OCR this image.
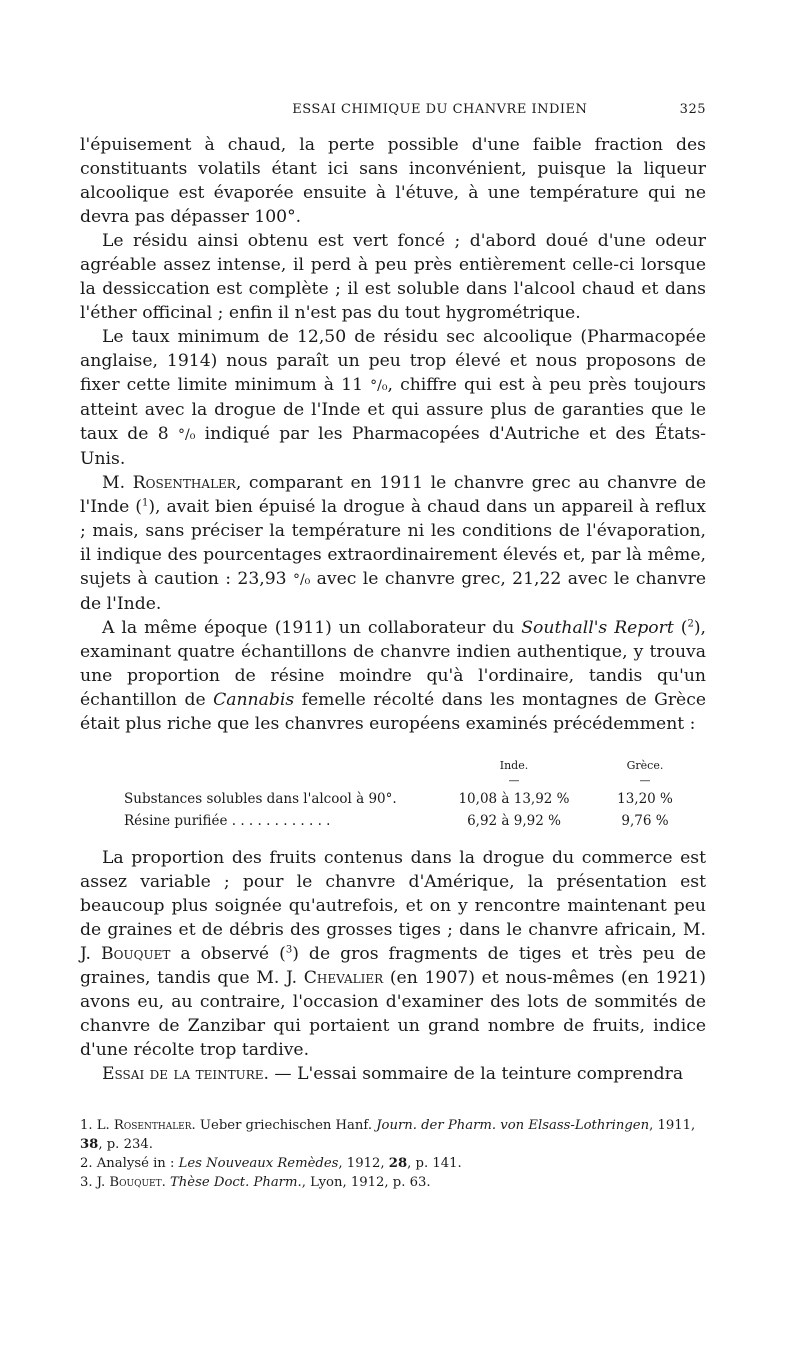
ESSAI CHIMIQUE DU CHANVRE INDIEN	325

l'épuisement à chaud, la perte possible d'une faible fraction des constituants volatils étant ici sans inconvénient, puisque la liqueur alcoolique est évaporée ensuite à l'étuve, à une température qui ne devra pas dépasser 100°.

Le résidu ainsi obtenu est vert foncé ; d'abord doué d'une odeur agréable assez intense, il perd à peu près entièrement celle-ci lorsque la dessiccation est complète ; il est soluble dans l'alcool chaud et dans l'éther officinal ; enfin il n'est pas du tout hygrométrique.

Le taux minimum de 12,50 de résidu sec alcoolique (Pharmacopée anglaise, 1914) nous paraît un peu trop élevé et nous proposons de fixer cette limite minimum à 11 °/₀, chiffre qui est à peu près toujours atteint avec la drogue de l'Inde et qui assure plus de garanties que le taux de 8 °/₀ indiqué par les Pharmacopées d'Autriche et des États-Unis.

M. Rosenthaler, comparant en 1911 le chanvre grec au chanvre de l'Inde ($^1$), avait bien épuisé la drogue à chaud dans un appareil à reflux ; mais, sans préciser la température ni les conditions de l'évaporation, il indique des pourcentages extraordinairement élevés et, par là même, sujets à caution : 23,93 °/₀ avec le chanvre grec, 21,22 avec le chanvre de l'Inde.

A la même époque (1911) un collaborateur du Southall's Report ($^2$), examinant quatre échantillons de chanvre indien authentique, y trouva une proportion de résine moindre qu'à l'ordinaire, tandis qu'un échantillon de Cannabis femelle récolté dans les montagnes de Grèce était plus riche que les chanvres européens examinés précédemment :

	Inde.	Grèce.
	—	—
Substances solubles dans l'alcool à 90°.	10,08 à 13,92 %	13,20 %
Résine purifiée . . . . . . . . . . . .	6,92 à 9,92 %	9,76 %

La proportion des fruits contenus dans la drogue du commerce est assez variable ; pour le chanvre d'Amérique, la présentation est beaucoup plus soignée qu'autrefois, et on y rencontre maintenant peu de graines et de débris des grosses tiges ; dans le chanvre africain, M. J. Bouquet a observé ($^3$) de gros fragments de tiges et très peu de graines, tandis que M. J. Chevalier (en 1907) et nous-mêmes (en 1921) avons eu, au contraire, l'occasion d'examiner des lots de sommités de chanvre de Zanzibar qui portaient un grand nombre de fruits, indice d'une récolte trop tardive.

Essai de la teinture. — L'essai sommaire de la teinture comprendra

1. L. Rosenthaler. Ueber griechischen Hanf. Journ. der Pharm. von Elsass-Lothringen, 1911, 38, p. 234.

2. Analysé in : Les Nouveaux Remèdes, 1912, 28, p. 141.

3. J. Bouquet. Thèse Doct. Pharm., Lyon, 1912, p. 63.
